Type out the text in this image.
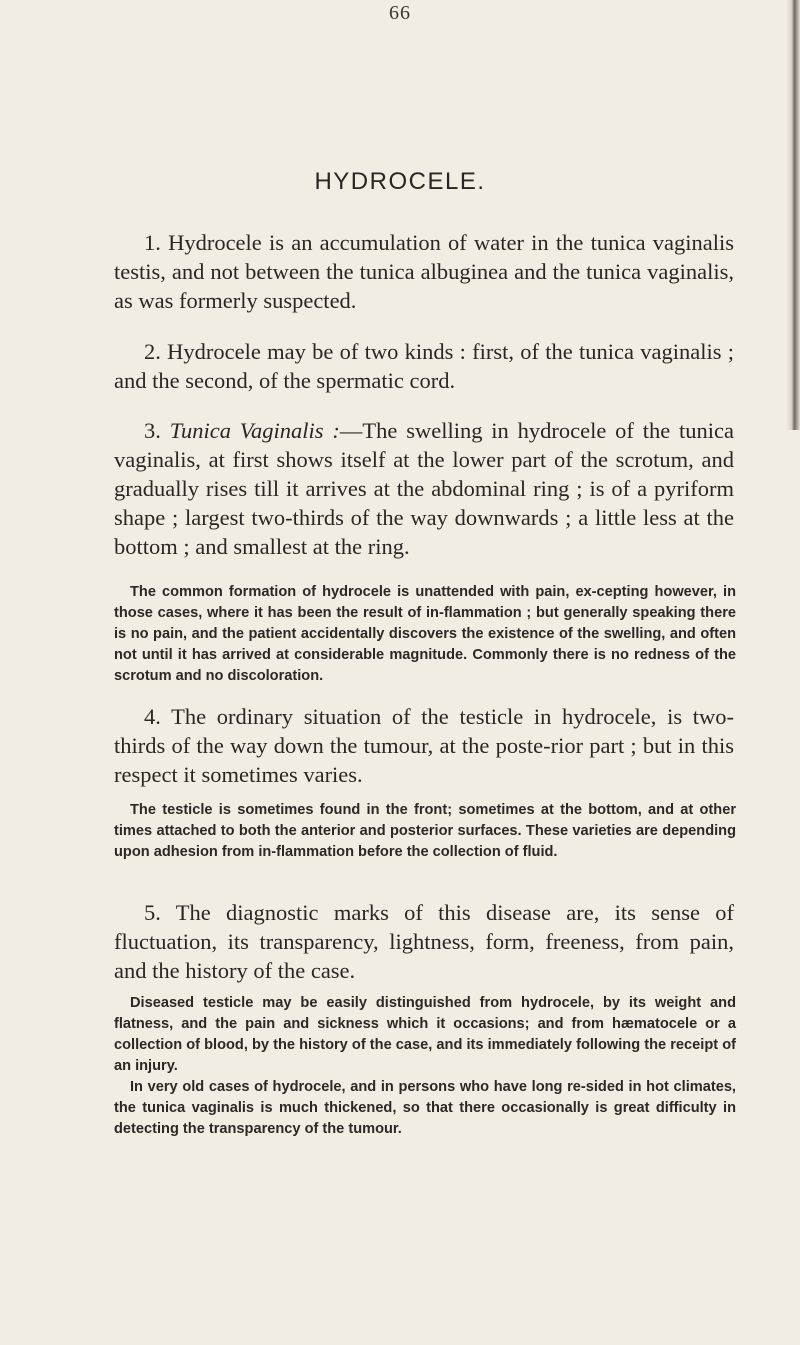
66
HYDROCELE.

1. Hydrocele is an accumulation of water in the tunica vaginalis testis, and not between the tunica albuginea and the tunica vaginalis, as was formerly suspected.

2. Hydrocele may be of two kinds : first, of the tunica vaginalis ; and the second, of the spermatic cord.

3. Tunica Vaginalis :—The swelling in hydrocele of the tunica vaginalis, at first shows itself at the lower part of the scrotum, and gradually rises till it arrives at the abdominal ring ; is of a pyriform shape ; largest two-thirds of the way downwards ; a little less at the bottom ; and smallest at the ring.

The common formation of hydrocele is unattended with pain, ex-cepting however, in those cases, where it has been the result of in-flammation ; but generally speaking there is no pain, and the patient accidentally discovers the existence of the swelling, and often not until it has arrived at considerable magnitude. Commonly there is no redness of the scrotum and no discoloration.

4. The ordinary situation of the testicle in hydrocele, is two-thirds of the way down the tumour, at the poste-rior part ; but in this respect it sometimes varies.

The testicle is sometimes found in the front; sometimes at the bottom, and at other times attached to both the anterior and posterior surfaces. These varieties are depending upon adhesion from in-flammation before the collection of fluid.

5. The diagnostic marks of this disease are, its sense of fluctuation, its transparency, lightness, form, freeness, from pain, and the history of the case.

Diseased testicle may be easily distinguished from hydrocele, by its weight and flatness, and the pain and sickness which it occasions; and from hæmatocele or a collection of blood, by the history of the case, and its immediately following the receipt of an injury.

In very old cases of hydrocele, and in persons who have long re-sided in hot climates, the tunica vaginalis is much thickened, so that there occasionally is great difficulty in detecting the transparency of the tumour.
